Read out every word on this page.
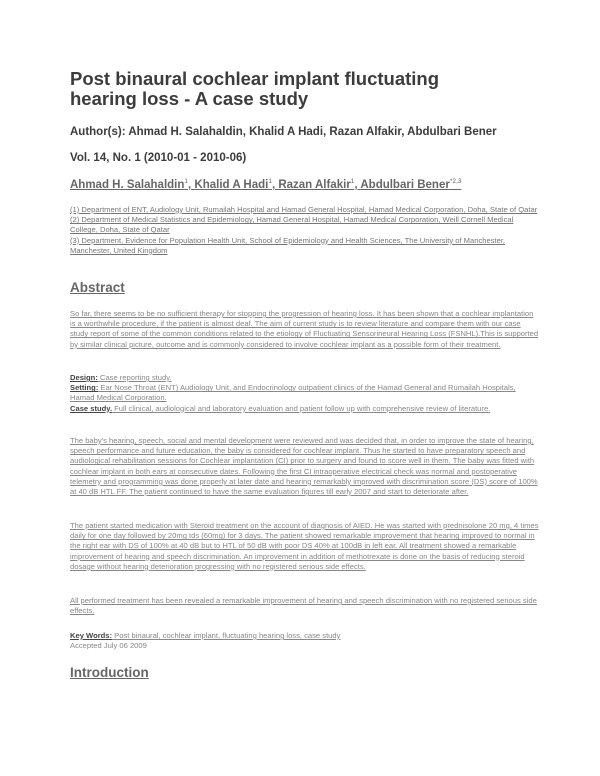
Post binaural cochlear implant fluctuating hearing loss - A case study
Author(s): Ahmad H. Salahaldin, Khalid A Hadi, Razan Alfakir, Abdulbari Bener
Vol. 14, No. 1 (2010-01 - 2010-06)
Ahmad H. Salahaldin$^1$, Khalid A Hadi$^1$, Razan Alfakir$^1$, Abdulbari Bener$^{*2,3}$
(1) Department of ENT, Audiology Unit, Rumailah Hospital and Hamad General Hospital, Hamad Medical Corporation, Doha, State of Qatar
(2) Department of Medical Statistics and Epidemiology, Hamad General Hospital, Hamad Medical Corporation, Weill Cornell Medical College, Doha, State of Qatar
(3) Department, Evidence for Population Health Unit, School of Epidemiology and Health Sciences, The University of Manchester, Manchester, United Kingdom
Abstract
So far, there seems to be no sufficient therapy for stopping the progression of hearing loss. It has been shown that a cochlear implantation is a worthwhile procedure, if the patient is almost deaf. The aim of current study is to review literature and compare them with our case study report of some of the common conditions related to the etiology of Fluctuating Sensorineural Hearing Loss (FSNHL).This is supported by similar clinical picture, outcome and is commonly considered to involve cochlear implant as a possible form of their treatment.
Design: Case reporting study.
Setting: Ear Nose Throat (ENT) Audiology Unit, and Endocrinology outpatient clinics of the Hamad General and Rumailah Hospitals, Hamad Medical Corporation.
Case study. Full clinical, audiological and laboratory evaluation and patient follow up with comprehensive review of literature.
The baby's hearing, speech, social and mental development were reviewed and was decided that, in order to improve the state of hearing, speech performance and future education, the baby is considered for cochlear implant. Thus he started to have preparatory speech and audiological rehabilitation sessions for Cochlear implantation (CI) prior to surgery and found to score well in them. The baby was fitted with cochlear implant in both ears at consecutive dates. Following the first CI intraoperative electrical check was normal and postoperative telemetry and programming was done properly at later date and hearing remarkably improved with discrimination score (DS) score of 100% at 40 dB HTL FF. The patient continued to have the same evaluation figures till early 2007 and start to deteriorate after.
The patient started medication with Steroid treatment on the account of diagnosis of AIED. He was started with prednisolone 20 mg, 4 times daily for one day followed by 20mg tds (60mg) for 3 days. The patient showed remarkable improvement that hearing improved to normal in the right ear with DS of 100% at 40 dB but to HTL of 50 dB with poor DS 40% at 100dB in left ear. All treatment showed a remarkable improvement of hearing and speech discrimination. An improvement in addition of methotrexate is done on the basis of reducing steroid dosage without hearing deterioration progressing with no registered serious side effects.
All performed treatment has been revealed a remarkable improvement of hearing and speech discrimination with no registered serious side effects.
Key Words: Post binaural, cochlear implant, fluctuating hearing loss, case study
Accepted July 06 2009
Introduction
